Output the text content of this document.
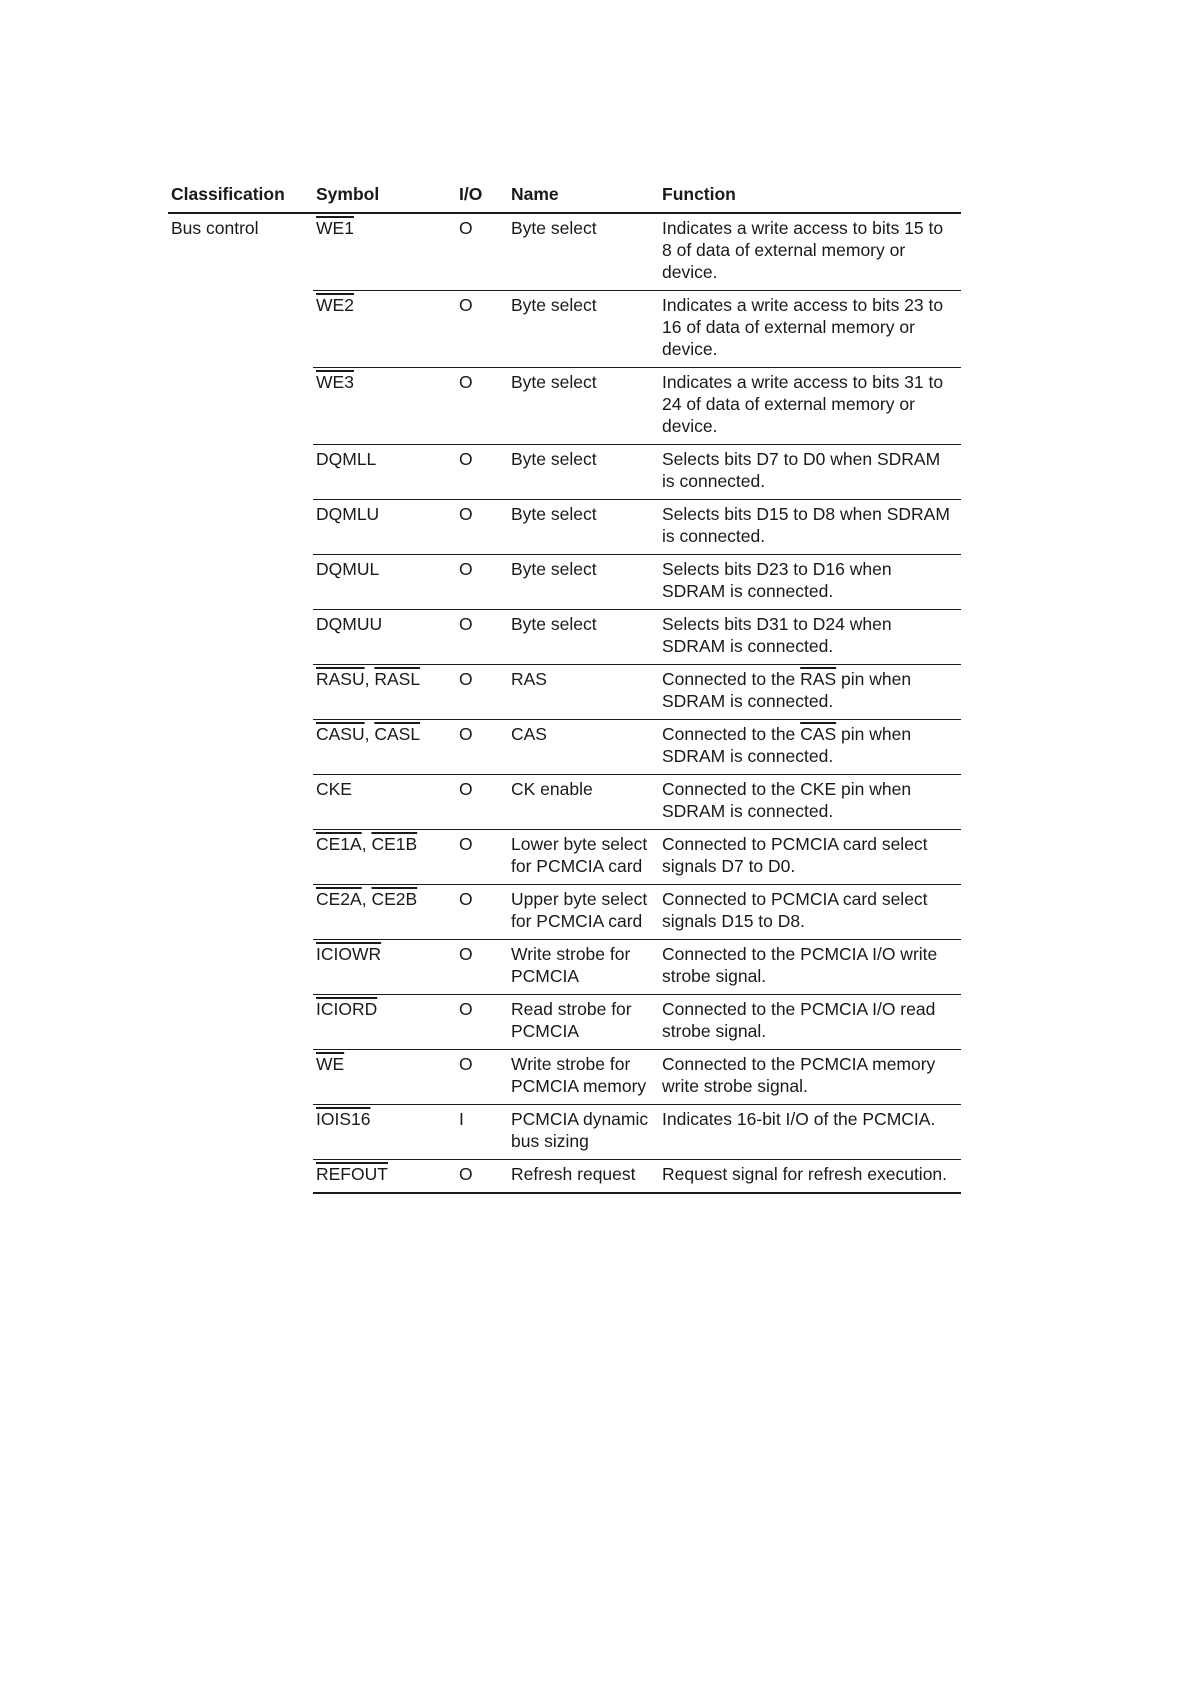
Classification	Symbol	I/O	Name	Function
Bus control	WE1	O	Byte select	Indicates a write access to bits 15 to 8 of data of external memory or device.
	WE2	O	Byte select	Indicates a write access to bits 23 to 16 of data of external memory or device.
	WE3	O	Byte select	Indicates a write access to bits 31 to 24 of data of external memory or device.
	DQMLL	O	Byte select	Selects bits D7 to D0 when SDRAM is connected.
	DQMLU	O	Byte select	Selects bits D15 to D8 when SDRAM is connected.
	DQMUL	O	Byte select	Selects bits D23 to D16 when SDRAM is connected.
	DQMUU	O	Byte select	Selects bits D31 to D24 when SDRAM is connected.
	RASU, RASL	O	RAS	Connected to the $\overline{RAS}$ pin when SDRAM is connected.
	CASU, CASL	O	CAS	Connected to the $\overline{CAS}$ pin when SDRAM is connected.
	CKE	O	CK enable	Connected to the CKE pin when SDRAM is connected.
	CE1A, CE1B	O	Lower byte select for PCMCIA card	Connected to PCMCIA card select signals D7 to D0.
	CE2A, CE2B	O	Upper byte select for PCMCIA card	Connected to PCMCIA card select signals D15 to D8.
	ICIOWR	O	Write strobe for PCMCIA	Connected to the PCMCIA I/O write strobe signal.
	ICIORD	O	Read strobe for PCMCIA	Connected to the PCMCIA I/O read strobe signal.
	$\overline{WE}$	O	Write strobe for PCMCIA memory	Connected to the PCMCIA memory write strobe signal.
	IOIS16	I	PCMCIA dynamic bus sizing	Indicates 16-bit I/O of the PCMCIA.
	REFOUT	O	Refresh request	Request signal for refresh execution.
